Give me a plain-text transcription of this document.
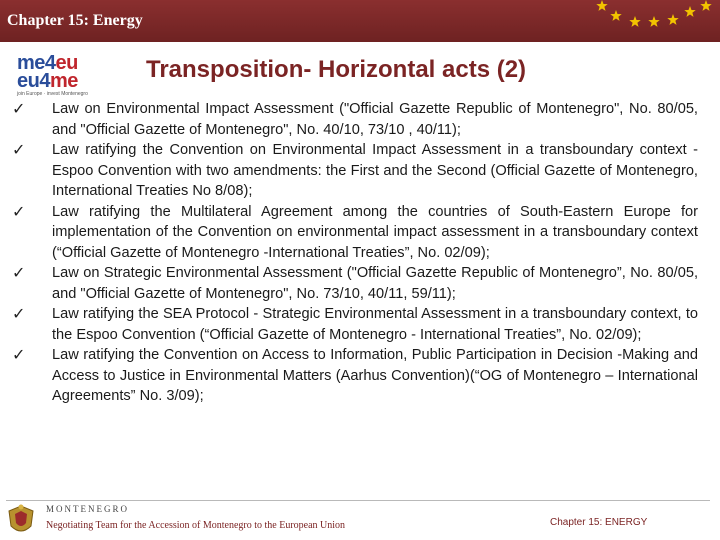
Chapter 15: Energy
me4eu
eu4me
join Europe · invest Montenegro
Transposition- Horizontal acts (2)
✓ Law on Environmental Impact Assessment ("Official Gazette Republic of Montenegro", No. 80/05, and "Official Gazette of Montenegro", No. 40/10, 73/10 , 40/11);
✓ Law ratifying the Convention on Environmental Impact Assessment in a transboundary context - Espoo Convention with two amendments: the First and the Second (Official Gazette of Montenegro, International Treaties No 8/08);
✓ Law ratifying the Multilateral Agreement among the countries of South-Eastern Europe for implementation of the Convention on environmental impact assessment in a transboundary context (“Official Gazette of Montenegro -International Treaties”, No. 02/09);
✓ Law on Strategic Environmental Assessment ("Official Gazette Republic of Montenegro”, No. 80/05, and "Official Gazette of Montenegro", No. 73/10, 40/11, 59/11);
✓ Law ratifying the SEA Protocol - Strategic Environmental Assessment in a transboundary context, to the Espoo Convention (“Official Gazette of Montenegro - International Treaties”, No. 02/09);
✓ Law ratifying the Convention on Access to Information, Public Participation in Decision -Making and Access to Justice in Environmental Matters (Aarhus Convention)(“OG of Montenegro – International Agreements” No. 3/09);
MONTENEGRO
Negotiating Team for the Accession of Montenegro to the European Union	Chapter 15: ENERGY
